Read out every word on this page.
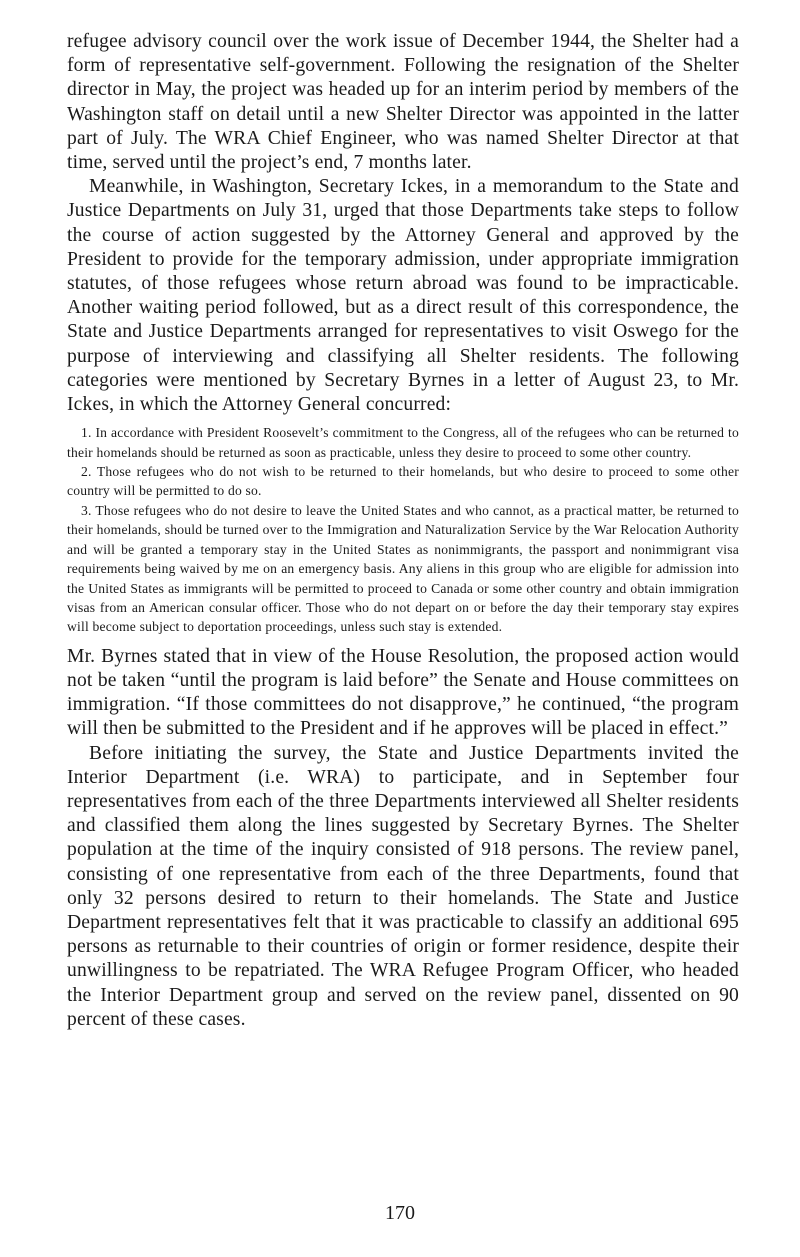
refugee advisory council over the work issue of December 1944, the Shelter had a form of representative self-government. Following the resignation of the Shelter director in May, the project was headed up for an interim period by members of the Washington staff on detail until a new Shelter Director was appointed in the latter part of July. The WRA Chief Engineer, who was named Shelter Director at that time, served until the project’s end, 7 months later.

Meanwhile, in Washington, Secretary Ickes, in a memorandum to the State and Justice Departments on July 31, urged that those Departments take steps to follow the course of action suggested by the Attorney General and approved by the President to provide for the temporary admission, under appropriate immigration statutes, of those refugees whose return abroad was found to be impracticable. Another waiting period followed, but as a direct result of this correspondence, the State and Justice Departments arranged for representatives to visit Oswego for the purpose of interviewing and classifying all Shelter residents. The following categories were mentioned by Secretary Byrnes in a letter of August 23, to Mr. Ickes, in which the Attorney General concurred:

1. In accordance with President Roosevelt’s commitment to the Congress, all of the refugees who can be returned to their homelands should be returned as soon as practicable, unless they desire to proceed to some other country.

2. Those refugees who do not wish to be returned to their homelands, but who desire to proceed to some other country will be permitted to do so.

3. Those refugees who do not desire to leave the United States and who cannot, as a practical matter, be returned to their homelands, should be turned over to the Immigration and Naturalization Service by the War Relocation Authority and will be granted a temporary stay in the United States as nonimmigrants, the passport and nonimmigrant visa requirements being waived by me on an emergency basis. Any aliens in this group who are eligible for admission into the United States as immigrants will be permitted to proceed to Canada or some other country and obtain immigration visas from an American consular officer. Those who do not depart on or before the day their temporary stay expires will become subject to deportation proceedings, unless such stay is extended.

Mr. Byrnes stated that in view of the House Resolution, the proposed action would not be taken “until the program is laid before” the Senate and House committees on immigration. “If those committees do not disapprove,” he continued, “the program will then be submitted to the President and if he approves will be placed in effect.”

Before initiating the survey, the State and Justice Departments invited the Interior Department (i.e. WRA) to participate, and in September four representatives from each of the three Departments interviewed all Shelter residents and classified them along the lines suggested by Secretary Byrnes. The Shelter population at the time of the inquiry consisted of 918 persons. The review panel, consisting of one representative from each of the three Departments, found that only 32 persons desired to return to their homelands. The State and Justice Department representatives felt that it was practicable to classify an additional 695 persons as returnable to their countries of origin or former residence, despite their unwillingness to be repatriated. The WRA Refugee Program Officer, who headed the Interior Department group and served on the review panel, dissented on 90 percent of these cases.

170
